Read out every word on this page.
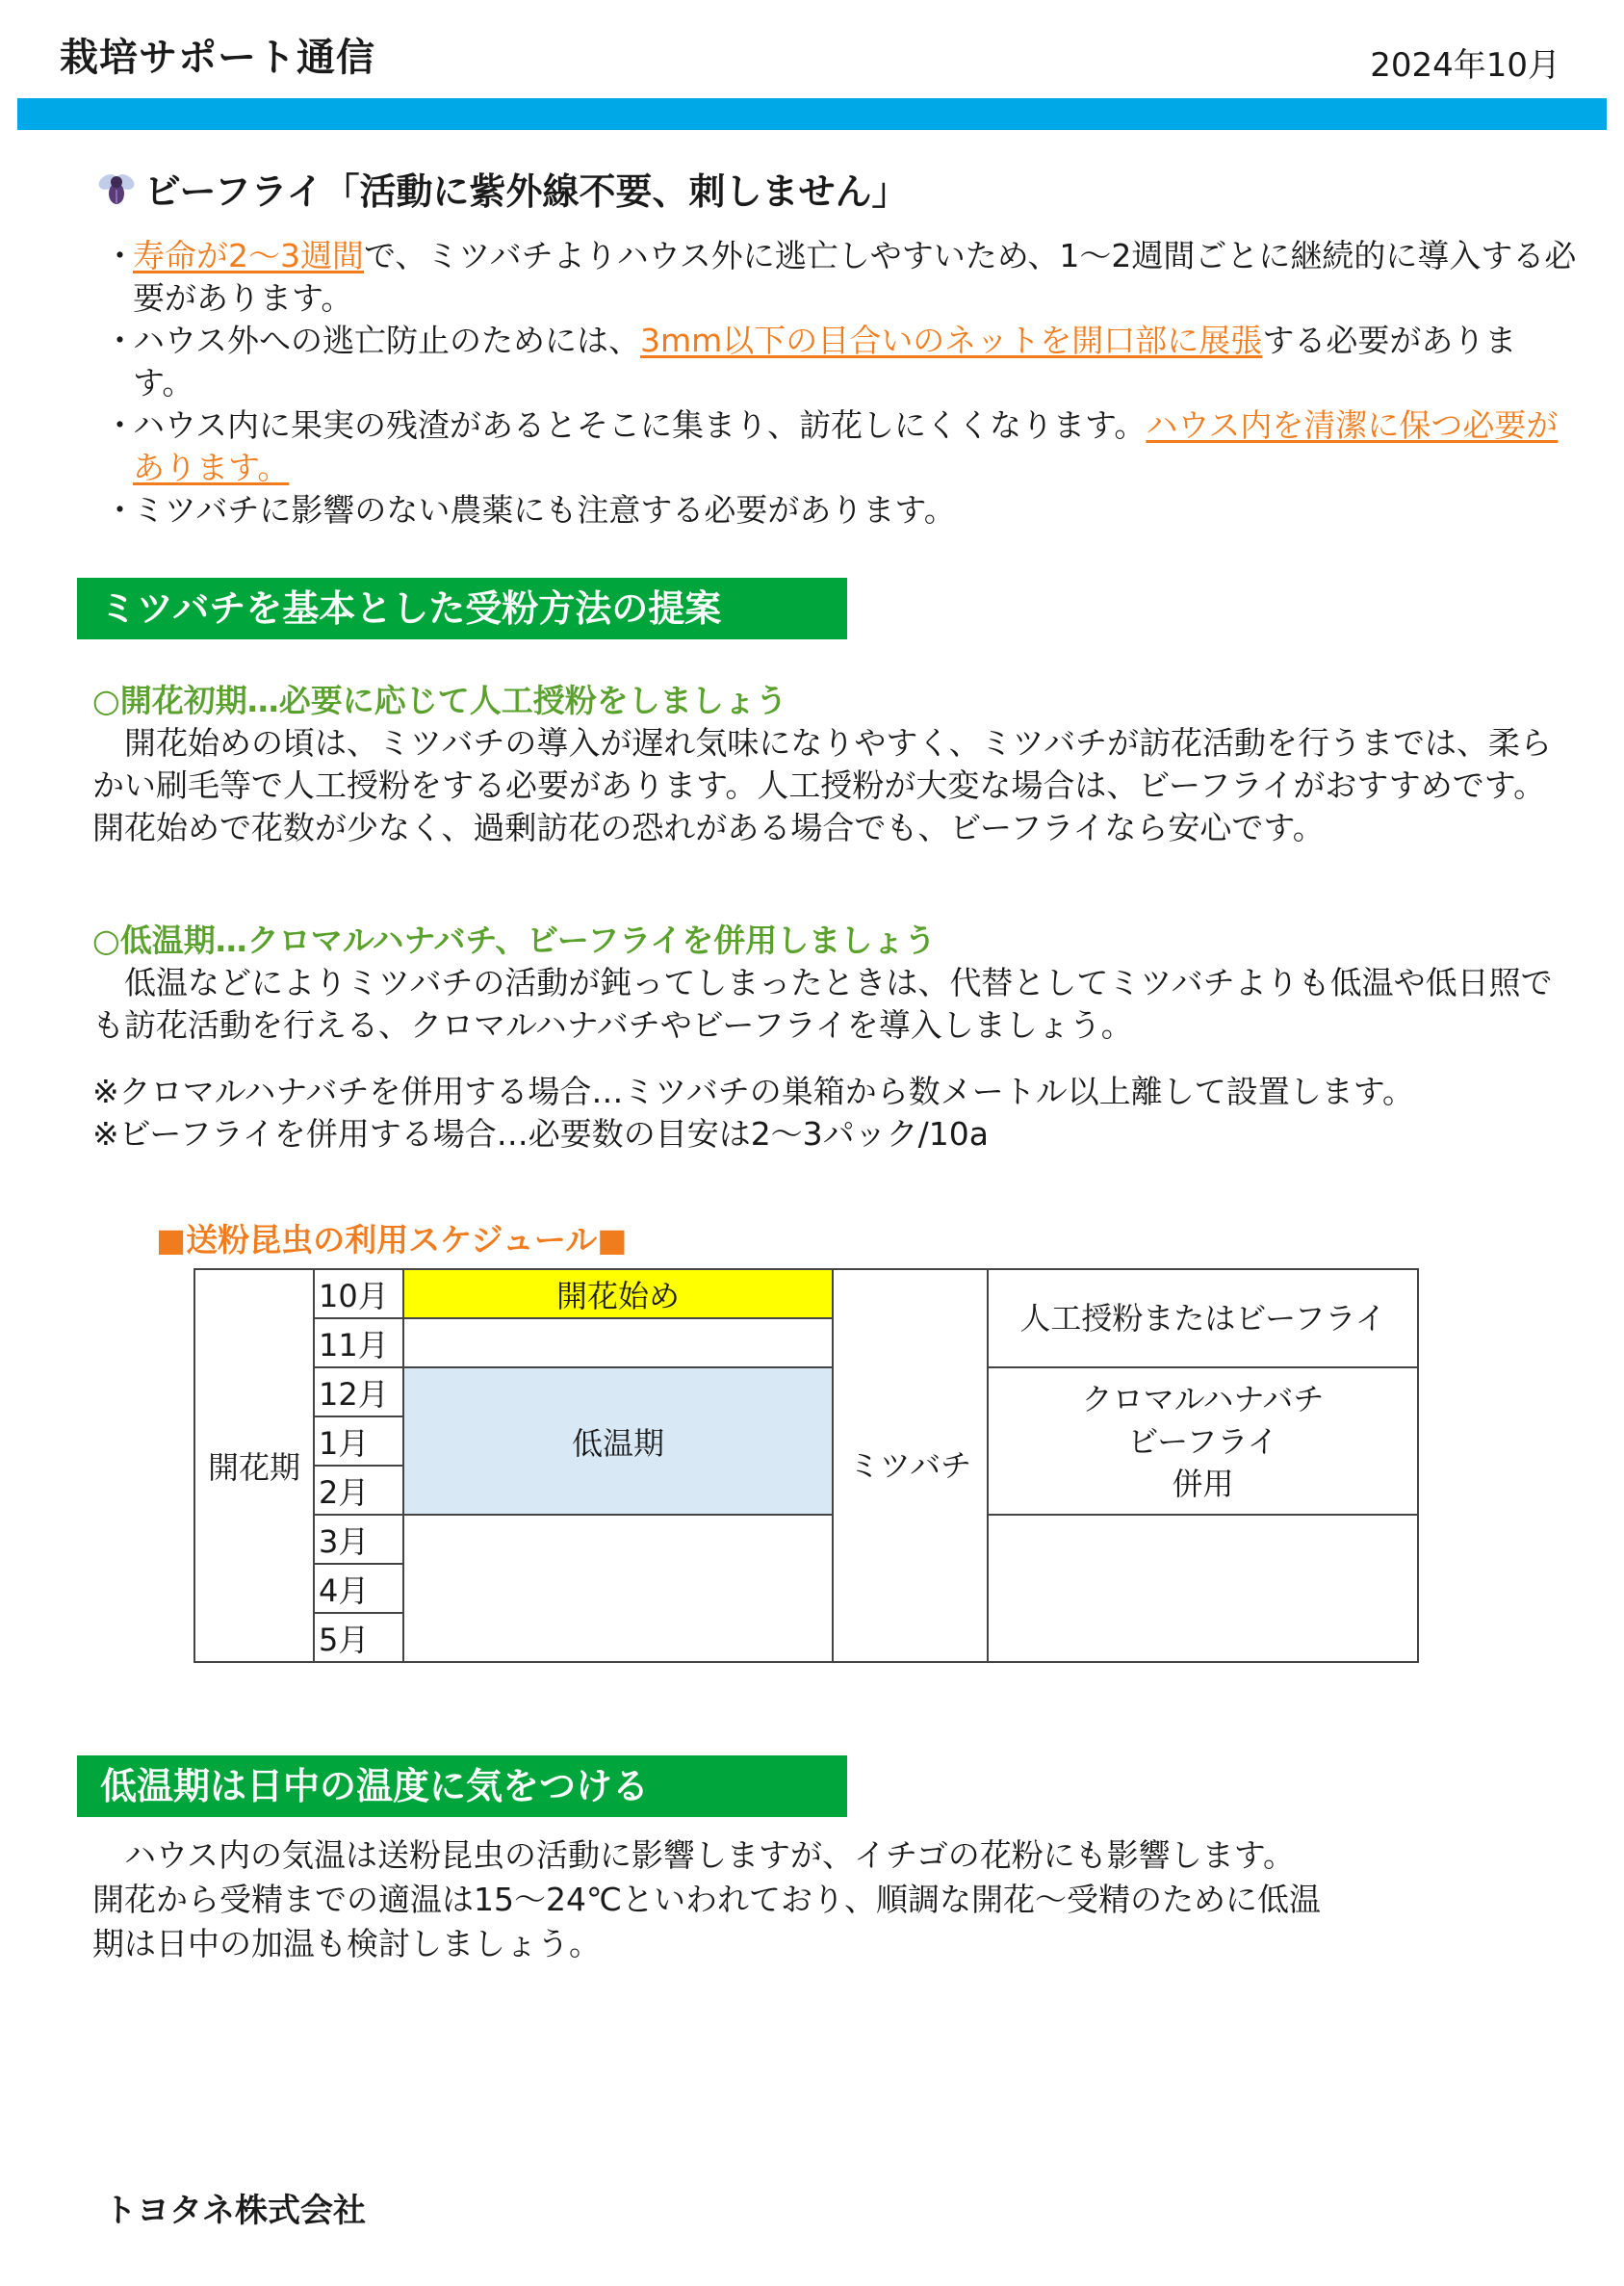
栽培サポート通信	2024年10月
ビーフライ「活動に紫外線不要、刺しません」
・
寿命が2～3週間で、ミツバチよりハウス外に逃亡しやすいため、1～2週間ごとに継続的に導入する必要があります。
・
ハウス外への逃亡防止のためには、3mm以下の目合いのネットを開口部に展張する必要があります。
・
ハウス内に果実の残渣があるとそこに集まり、訪花しにくくなります。ハウス内を清潔に保つ必要があります。
・
ミツバチに影響のない農薬にも注意する必要があります。
ミツバチを基本とした受粉方法の提案
○開花初期…必要に応じて人工授粉をしましょう

　開花始めの頃は、ミツバチの導入が遅れ気味になりやすく、ミツバチが訪花活動を行うまでは、柔らかい刷毛等で人工授粉をする必要があります。人工授粉が大変な場合は、ビーフライがおすすめです。開花始めで花数が少なく、過剰訪花の恐れがある場合でも、ビーフライなら安心です。

○低温期…クロマルハナバチ、ビーフライを併用しましょう

　低温などによりミツバチの活動が鈍ってしまったときは、代替としてミツバチよりも低温や低日照でも訪花活動を行える、クロマルハナバチやビーフライを導入しましょう。

※クロマルハナバチを併用する場合…ミツバチの巣箱から数メートル以上離して設置します。

※ビーフライを併用する場合…必要数の目安は2～3パック/10a

■送粉昆虫の利用スケジュール■
開花期	10月	開花始め	ミツバチ	人工授粉またはビーフライ
	11月			
	12月	低温期		クロマルハナバチ
ビーフライ
併用

	1月			
	2月			
	3月			
	4月			
	5月			
低温期は日中の温度に気をつける

　ハウス内の気温は送粉昆虫の活動に影響しますが、イチゴの花粉にも影響します。

開花から受精までの適温は15～24℃といわれており、順調な開花～受精のために低温

期は日中の加温も検討しましょう。

トヨタネ株式会社
